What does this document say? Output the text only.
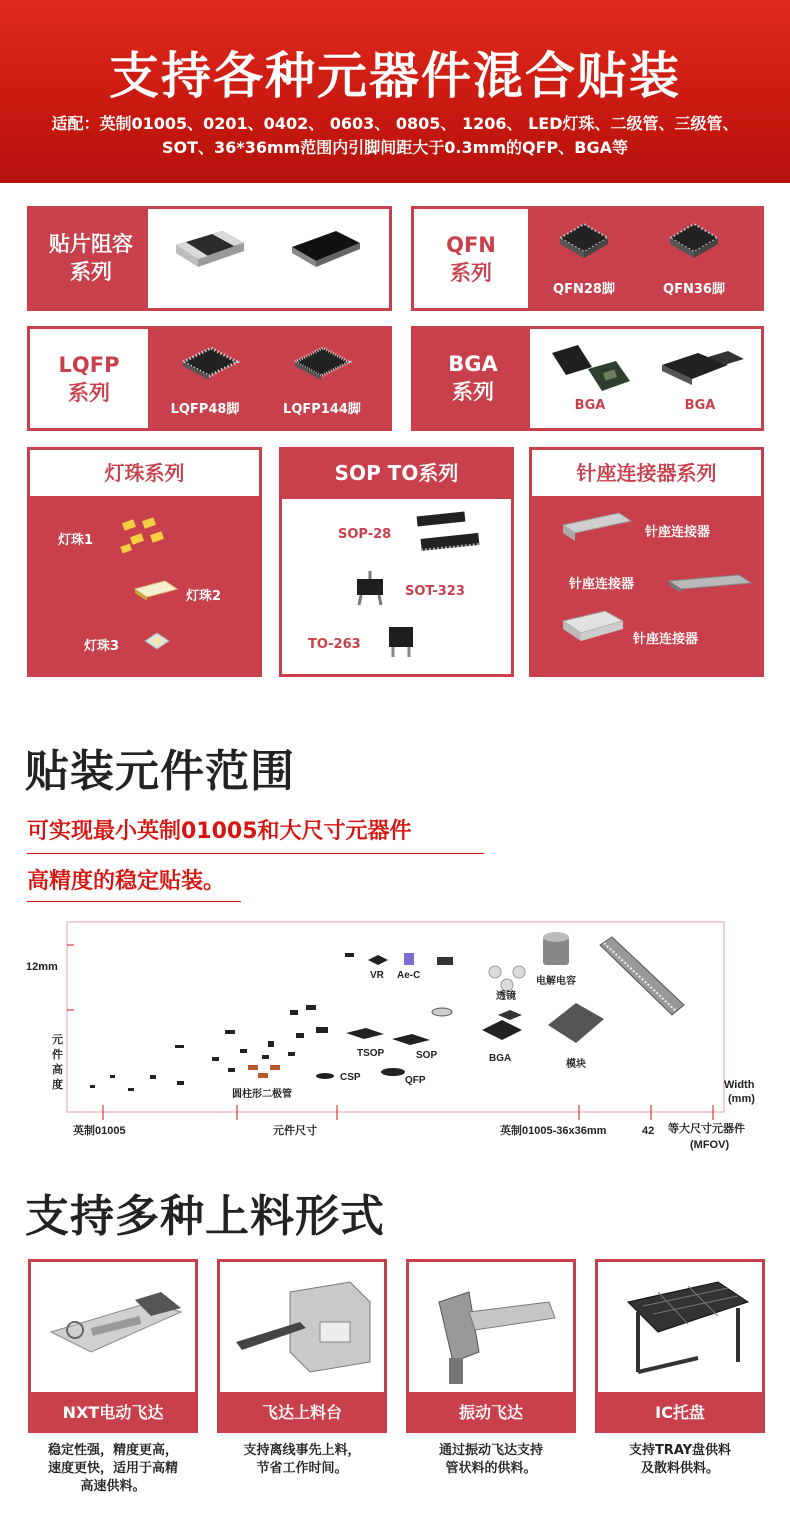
支持各种元器件混合贴装
适配：英制01005、0201、0402、 0603、 0805、 1206、 LED灯珠、二级管、三级管、
SOT、36*36mm范围内引脚间距大于0.3mm的QFP、BGA等
贴片阻容
系列
贴片电阻	贴片电容
QFN
系列
QFN28脚	QFN36脚
LQFP
系列
LQFP48脚	LQFP144脚
BGA
系列
BGA	BGA
灯珠系列
灯珠1
灯珠2
灯珠3
SOP TO系列
SOP-28
SOT-323
TO-263
针座连接器系列
针座连接器
针座连接器
针座连接器
贴装元件范围
可实现最小英制01005和大尺寸元器件
高精度的稳定贴装。
12mm
元
件
高
度	Width
(mm)
英制01005	元件尺寸	英制01005-36x36mm	42 等大尺寸元器件
(MFOV)
圆柱形二极管
VR Ae-C
透镜
电解电容
TSOP	SOP	BGA
模块
CSP	QFP
支持多种上料形式
NXT电动飞达
稳定性强，精度更高，
速度更快，适用于高精
高速供料。
飞达上料台
支持离线事先上料，
节省工作时间。
振动飞达
通过振动飞达支持
管状料的供料。
IC托盘
支持TRAY盘供料
及散料供料。
